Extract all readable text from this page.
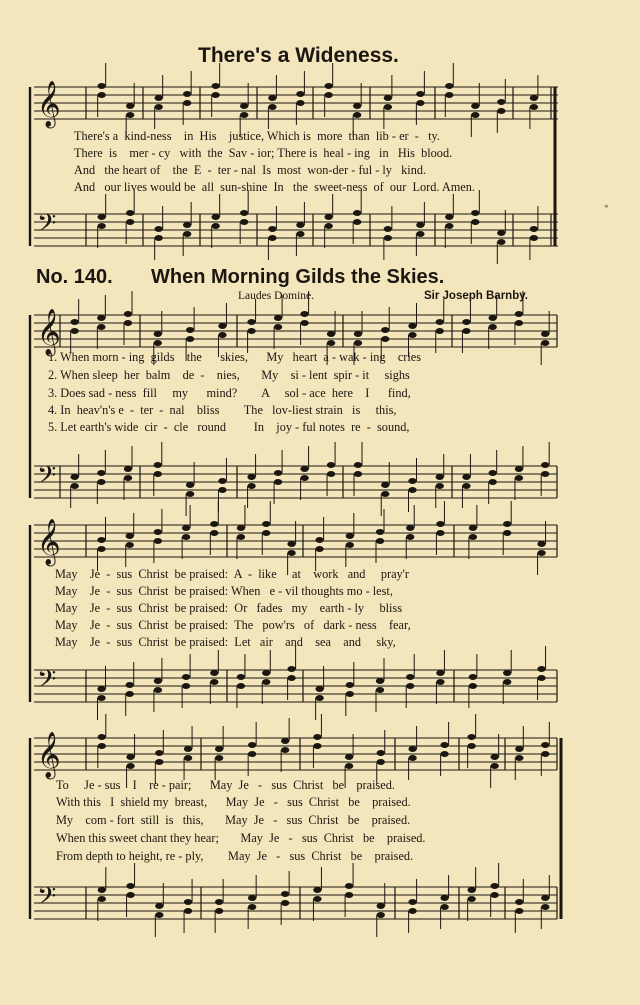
There's a Wideness.
No. 140. When Morning Gilds the Skies.
Laudes Domine.	Sir Joseph Barnby.
*
There's a  kind-ness    in  His    justice, Which is  more  than  lib - er  -   ty.
There  is    mer - cy   with  the  Sav - ior; There is  heal - ing   in   His  blood.
And   the heart of    the  E  -  ter - nal  Is  most  won-der - ful - ly   kind.
And   our lives would be  all  sun-shine  In   the  sweet-ness  of  our  Lord. Amen.
1. When morn - ing  gilds    the      skies,      My   heart  a - wak - ing    cries
2. When sleep  her  balm    de  -    nies,       My    si - lent  spir - it     sighs
3. Does sad - ness  fill     my      mind?        A     sol - ace  here    I      find,
4. In  heav'n's e  -  ter  -  nal    bliss        The   lov-liest strain   is     this,
5. Let earth's wide  cir  -  cle   round         In    joy - ful notes  re  -  sound,
May    Je  -  sus  Christ  be praised:  A  -  like     at    work   and     pray'r
May    Je  -  sus  Christ  be praised: When   e - vil thoughts mo - lest,
May    Je  -  sus  Christ  be praised:  Or   fades   my    earth - ly     bliss
May    Je  -  sus  Christ  be praised:  The   pow'rs   of   dark - ness    fear,
May    Je  -  sus  Christ  be praised:  Let   air    and    sea    and     sky,
To     Je - sus    I    re - pair;      May  Je   -   sus  Christ   be    praised.
With this   I  shield my  breast,      May  Je   -   sus  Christ   be    praised.
My    com - fort  still  is   this,       May  Je   -   sus  Christ   be    praised.
When this sweet chant they hear;       May  Je   -   sus  Christ   be    praised.
From depth to height, re - ply,        May  Je   -   sus  Christ   be    praised.
𝄞
𝄢
𝄞
𝄢
𝄞
𝄢
𝄞
𝄢
